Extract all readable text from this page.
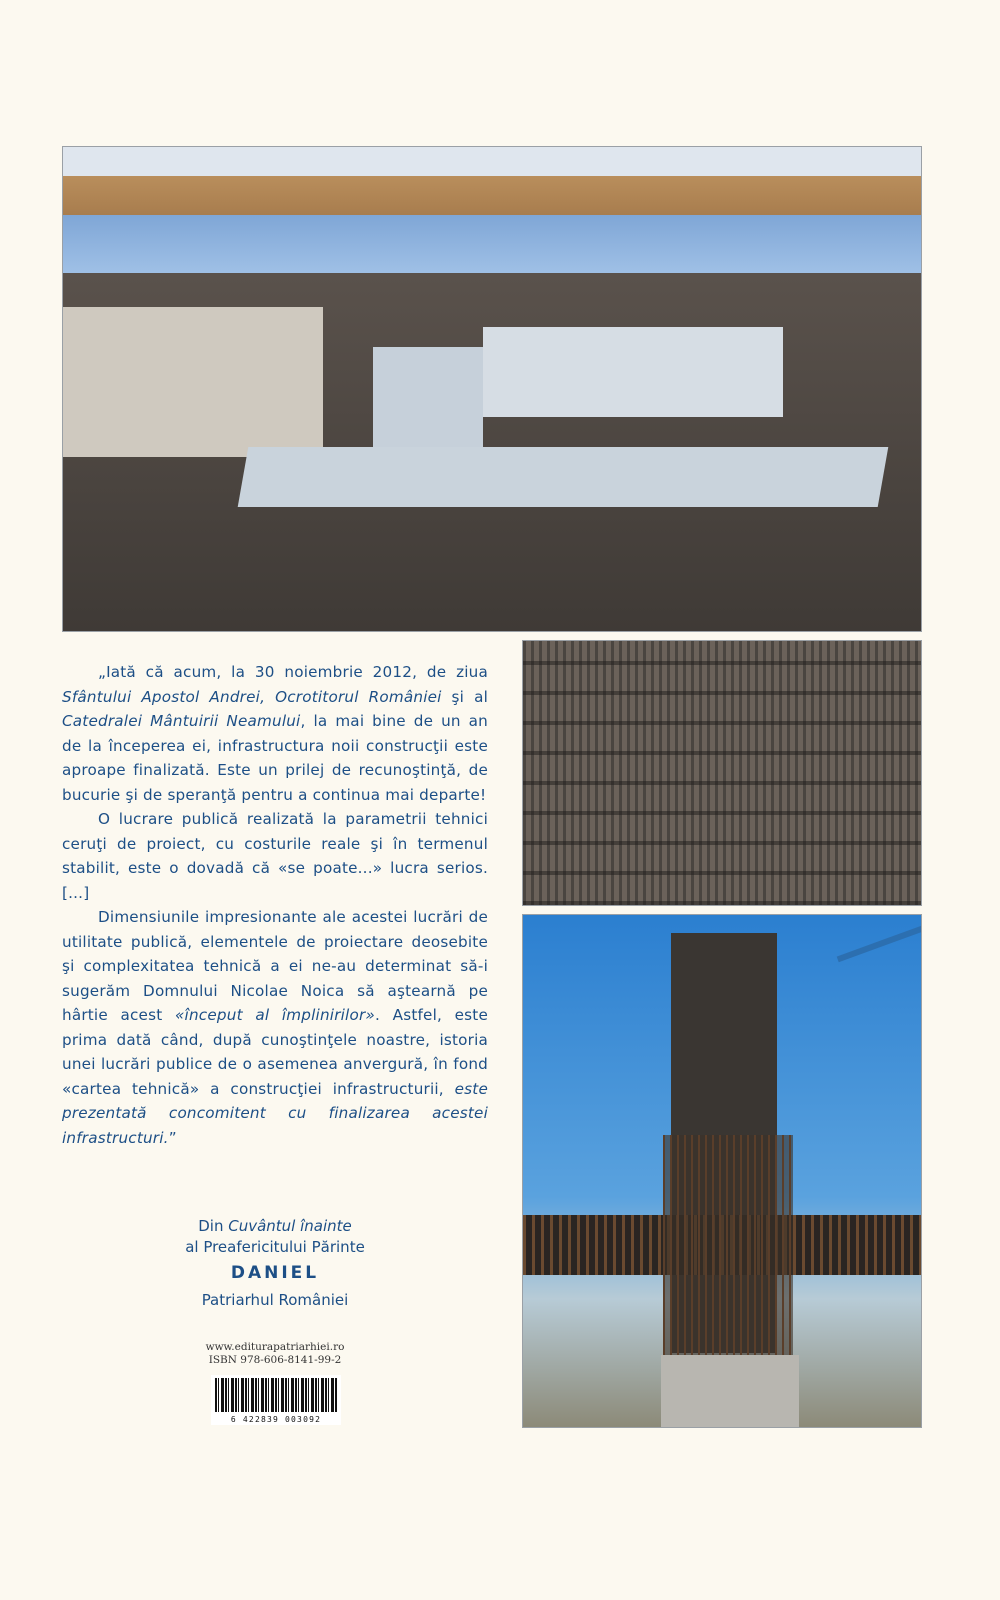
„Iată că acum, la 30 noiembrie 2012, de ziua Sfântului Apostol Andrei, Ocrotitorul României şi al Catedralei Mântuirii Neamului, la mai bine de un an de la începerea ei, infrastructura noii construcţii este aproape finalizată. Este un prilej de recunoştinţă, de bucurie şi de speranţă pentru a continua mai departe!

O lucrare publică realizată la parametrii tehnici ceruţi de proiect, cu costurile reale şi în termenul stabilit, este o dovadă că «se poate...» lucra serios. [...]

Dimensiunile impresionante ale acestei lucrări de utilitate publică, elementele de proiectare deosebite şi complexitatea tehnică a ei ne-au determinat să-i sugerăm Domnului Nicolae Noica să aştearnă pe hârtie acest «început al împlinirilor». Astfel, este prima dată când, după cunoştinţele noastre, istoria unei lucrări publice de o asemenea anvergură, în fond «cartea tehnică» a construcţiei infrastructurii, este prezentată concomitent cu finalizarea acestei infrastructuri.”

Din Cuvântul înainte
al Preafericitului Părinte
DANIEL
Patriarhul României
www.editurapatriarhiei.ro
ISBN 978-606-8141-99-2
6 422839 003092
